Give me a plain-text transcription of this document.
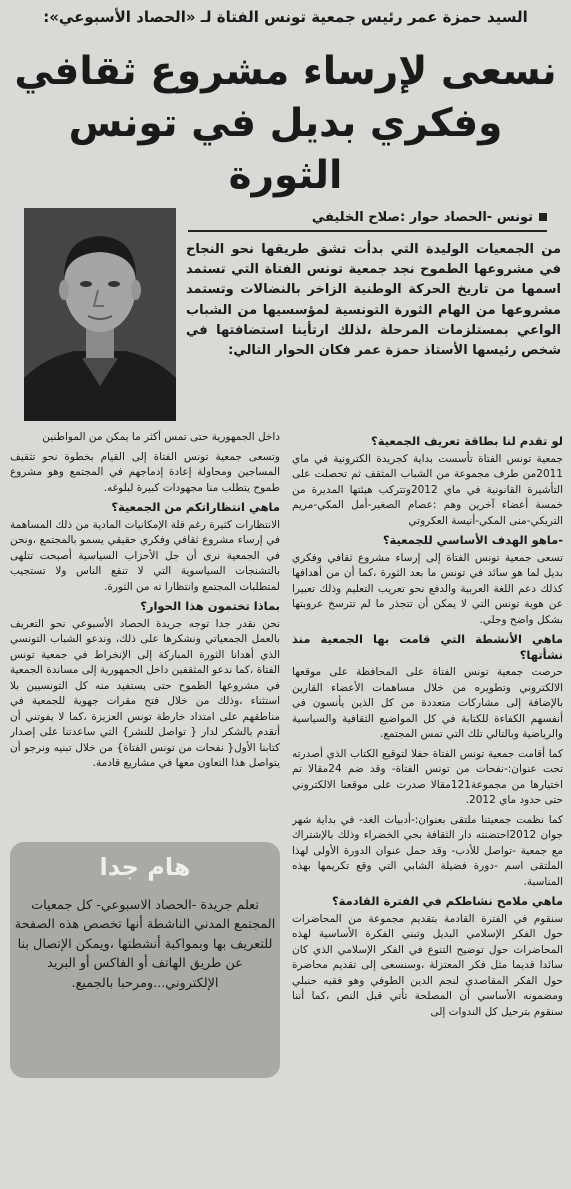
السيد حمزة عمر رئيس جمعية تونس الفتاة لـ «الحصاد الأسبوعي»:
نسعى لإرساء مشروع ثقافي
وفكري بديل في تونس الثورة
تونس -الحصاد حوار :صلاح الخليفي
من الجمعيات الوليدة التي بدأت تشق طريقها نحو النجاح في مشروعها الطموح نجد جمعية تونس الفتاة التي تستمد اسمها من تاريخ الحركة الوطنية الزاخر بالنضالات وتستمد مشروعها من الهام الثورة التونسية لمؤسسيها من الشباب الواعي بمستلزمات المرحلة ،لذلك ارتأينا استضافتها في شخص رئيسها الأستاذ حمزة عمر فكان الحوار التالي:
لو تقدم لنا بطاقة تعريف الجمعية؟
جمعية تونس الفتاة تأسست بداية كجريدة الكترونية في ماي 2011من طرف مجموعة من الشباب المثقف ثم تحصلت على التأشيرة القانونية في ماي 2012وتتركب هيئتها المديرة من خمسة أعضاء آخرين وهم :عصام الصغير-أمل المكي-مريم التريكي-منى المكي-أنيسة العكروتي
-ماهو الهدف الأساسي للجمعية؟
تسعى جمعية تونس الفتاة إلى إرساء مشروع ثقافي وفكري بديل لما هو سائد في تونس ما بعد الثورة ،كما أن من أهدافها كذلك دعم اللغة العربية والدفع نحو تعريب التعليم وذلك تعبيرا عن هوية تونس التي لا يمكن أن تتجذر ما لم تترسخ عروبتها بشكل واضح وجلي.
ماهي الأنشطة التي قامت بها الجمعية منذ نشأتها؟
حرصت جمعية تونس الفتاة على المحافظة على موقعها الالكتروني وتطويره من خلال مساهمات الأعضاء القارين بالإضافة إلى مشاركات متعددة من كل الذين يأنسون في أنفسهم الكفاءة للكتابة في كل المواضيع الثقافية والسياسية والرياضية وبالتالي تلك التي تمس المجتمع.
كما أقامت جمعية تونس الفتاة حفلا لتوقيع الكتاب الذي أصدرته تحت عنوان:-نفحات من تونس الفتاة- وقد ضم 24مقالا تم اختيارها من مجموعة121مقالا صدرت على موقعنا الالكتروني حتى حدود ماي 2012.
كما نظمت جمعيتنا ملتقى بعنوان:-أدبيات الغد- في بداية شهر جوان 2012احتضنته دار الثقافة بحي الخضراء وذلك بالإشتراك مع جمعية -تواصل للأدب- وقد حمل عنوان الدورة الأولى لهذا الملتقى اسم -دورة فضيلة الشابي التي وقع تكريمها بهذه المناسبة.
ماهي ملامح نشاطكم في الفترة القادمة؟
سنقوم في الفترة القادمة بتقديم مجموعة من المحاضرات حول الفكر الإسلامي البديل وتبني الفكرة الأساسية لهذه المحاضرات حول توضيح التنوع في الفكر الإسلامي الذي كان سائدا قديما مثل فكر المعتزلة ،وسنسعى إلى تقديم محاضرة حول الفكر المقاصدي لنجم الدين الطوفي وهو فقيه حنبلي ومضمونه الأساسي أن المصلحة تأتي قبل النص ،كما أننا سنقوم بترحيل كل الندوات إلى
داخل الجمهورية حتى تمس أكثر ما يمكن من المواطنين
وتسعى جمعية تونس الفتاة إلى القيام بخطوة نحو تثقيف المساجين ومحاولة إعادة إدماجهم في المجتمع وهو مشروع طموح يتطلب منا مجهودات كبيرة لبلوغه.
ماهي انتظاراتكم من الجمعية؟
الانتظارات كثيرة رغم قلة الإمكانيات المادية من ذلك المساهمة في إرساء مشروع ثقافي وفكري حقيقي يسمو بالمجتمع ،ونحن في الجمعية نرى أن جل الأحزاب السياسية أصبحت تتلهى بالتشنجات السياسوية التي لا تنفع الناس ولا تستجيب لمتطلبات المجتمع وانتظارا ته من الثورة.
بماذا تختمون هذا الحوار؟
نحن نقدر جدا توجه جريدة الحصاد الأسبوعي نحو التعريف بالعمل الجمعياتي ونشكرها على ذلك، وندعو الشباب التونسي الذي أهدانا الثورة المباركة إلى الإنخراط في جمعية تونس الفتاة ،كما ندعو المثقفين داخل الجمهورية إلى مساندة الجمعية في مشروعها الطموح حتى يستفيد منه كل التونسيين بلا استثناء ،وذلك من خلال فتح مقرات جهوية للجمعية في مناطقهم على امتداد خارطة تونس العزيزة ،كما لا يفوتني أن أتقدم بالشكر لدار { تواصل للنشر} التي ساعدتنا على إصدار كتابنا الأول{ نفحات من تونس الفتاة} من خلال تبنيه ونرجو أن يتواصل هذا التعاون معها في مشاريع قادمة.
هام جدا
تعلم جريدة -الحصاد الاسبوعي- كل جمعيات المجتمع المدني الناشطة أنها تخصص هذه الصفحة للتعريف بها وبمواكبة أنشطتها ،ويمكن الإتصال بنا عن طريق الهاتف أو الفاكس أو البريد الإلكتروني...ومرحبا بالجميع.
